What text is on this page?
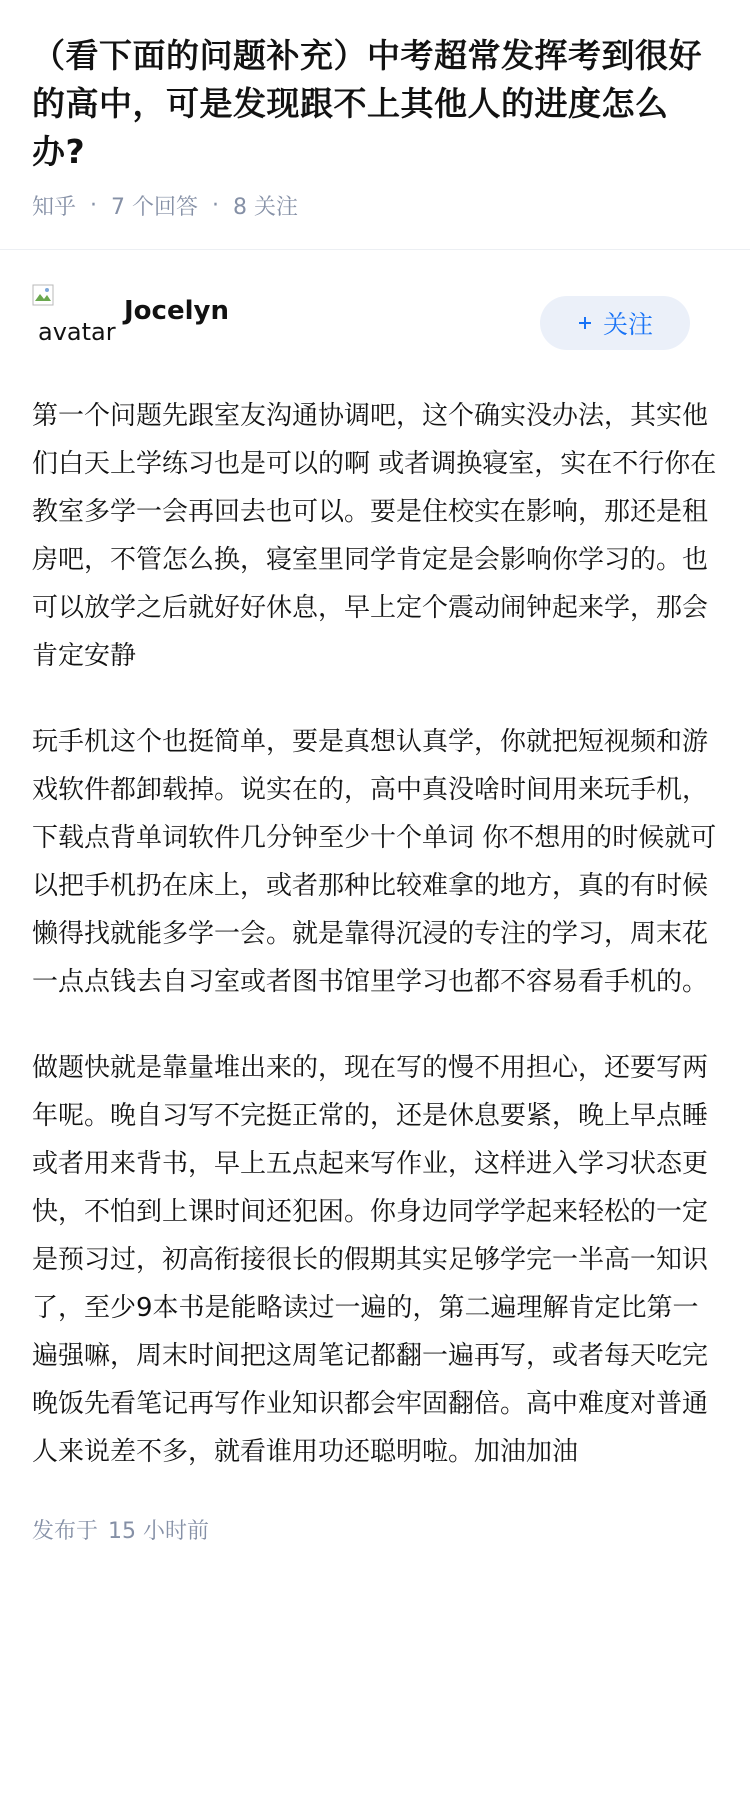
（看下面的问题补充）中考超常发挥考到很好的高中，可是发现跟不上其他人的进度怎么办?
知乎 · 7 个回答 · 8 关注
avatar
Jocelyn	关注

第一个问题先跟室友沟通协调吧，这个确实没办法，其实他们白天上学练习也是可以的啊 或者调换寝室，实在不行你在教室多学一会再回去也可以。要是住校实在影响，那还是租房吧，不管怎么换，寝室里同学肯定是会影响你学习的。也可以放学之后就好好休息，早上定个震动闹钟起来学，那会肯定安静

玩手机这个也挺简单，要是真想认真学，你就把短视频和游戏软件都卸载掉。说实在的，高中真没啥时间用来玩手机，下载点背单词软件几分钟至少十个单词 你不想用的时候就可以把手机扔在床上，或者那种比较难拿的地方，真的有时候懒得找就能多学一会。就是靠得沉浸的专注的学习，周末花一点点钱去自习室或者图书馆里学习也都不容易看手机的。

做题快就是靠量堆出来的，现在写的慢不用担心，还要写两年呢。晚自习写不完挺正常的，还是休息要紧，晚上早点睡或者用来背书，早上五点起来写作业，这样进入学习状态更快，不怕到上课时间还犯困。你身边同学学起来轻松的一定是预习过，初高衔接很长的假期其实足够学完一半高一知识了，至少9本书是能略读过一遍的，第二遍理解肯定比第一遍强嘛，周末时间把这周笔记都翻一遍再写，或者每天吃完晚饭先看笔记再写作业知识都会牢固翻倍。高中难度对普通人来说差不多，就看谁用功还聪明啦。加油加油

发布于 15 小时前
